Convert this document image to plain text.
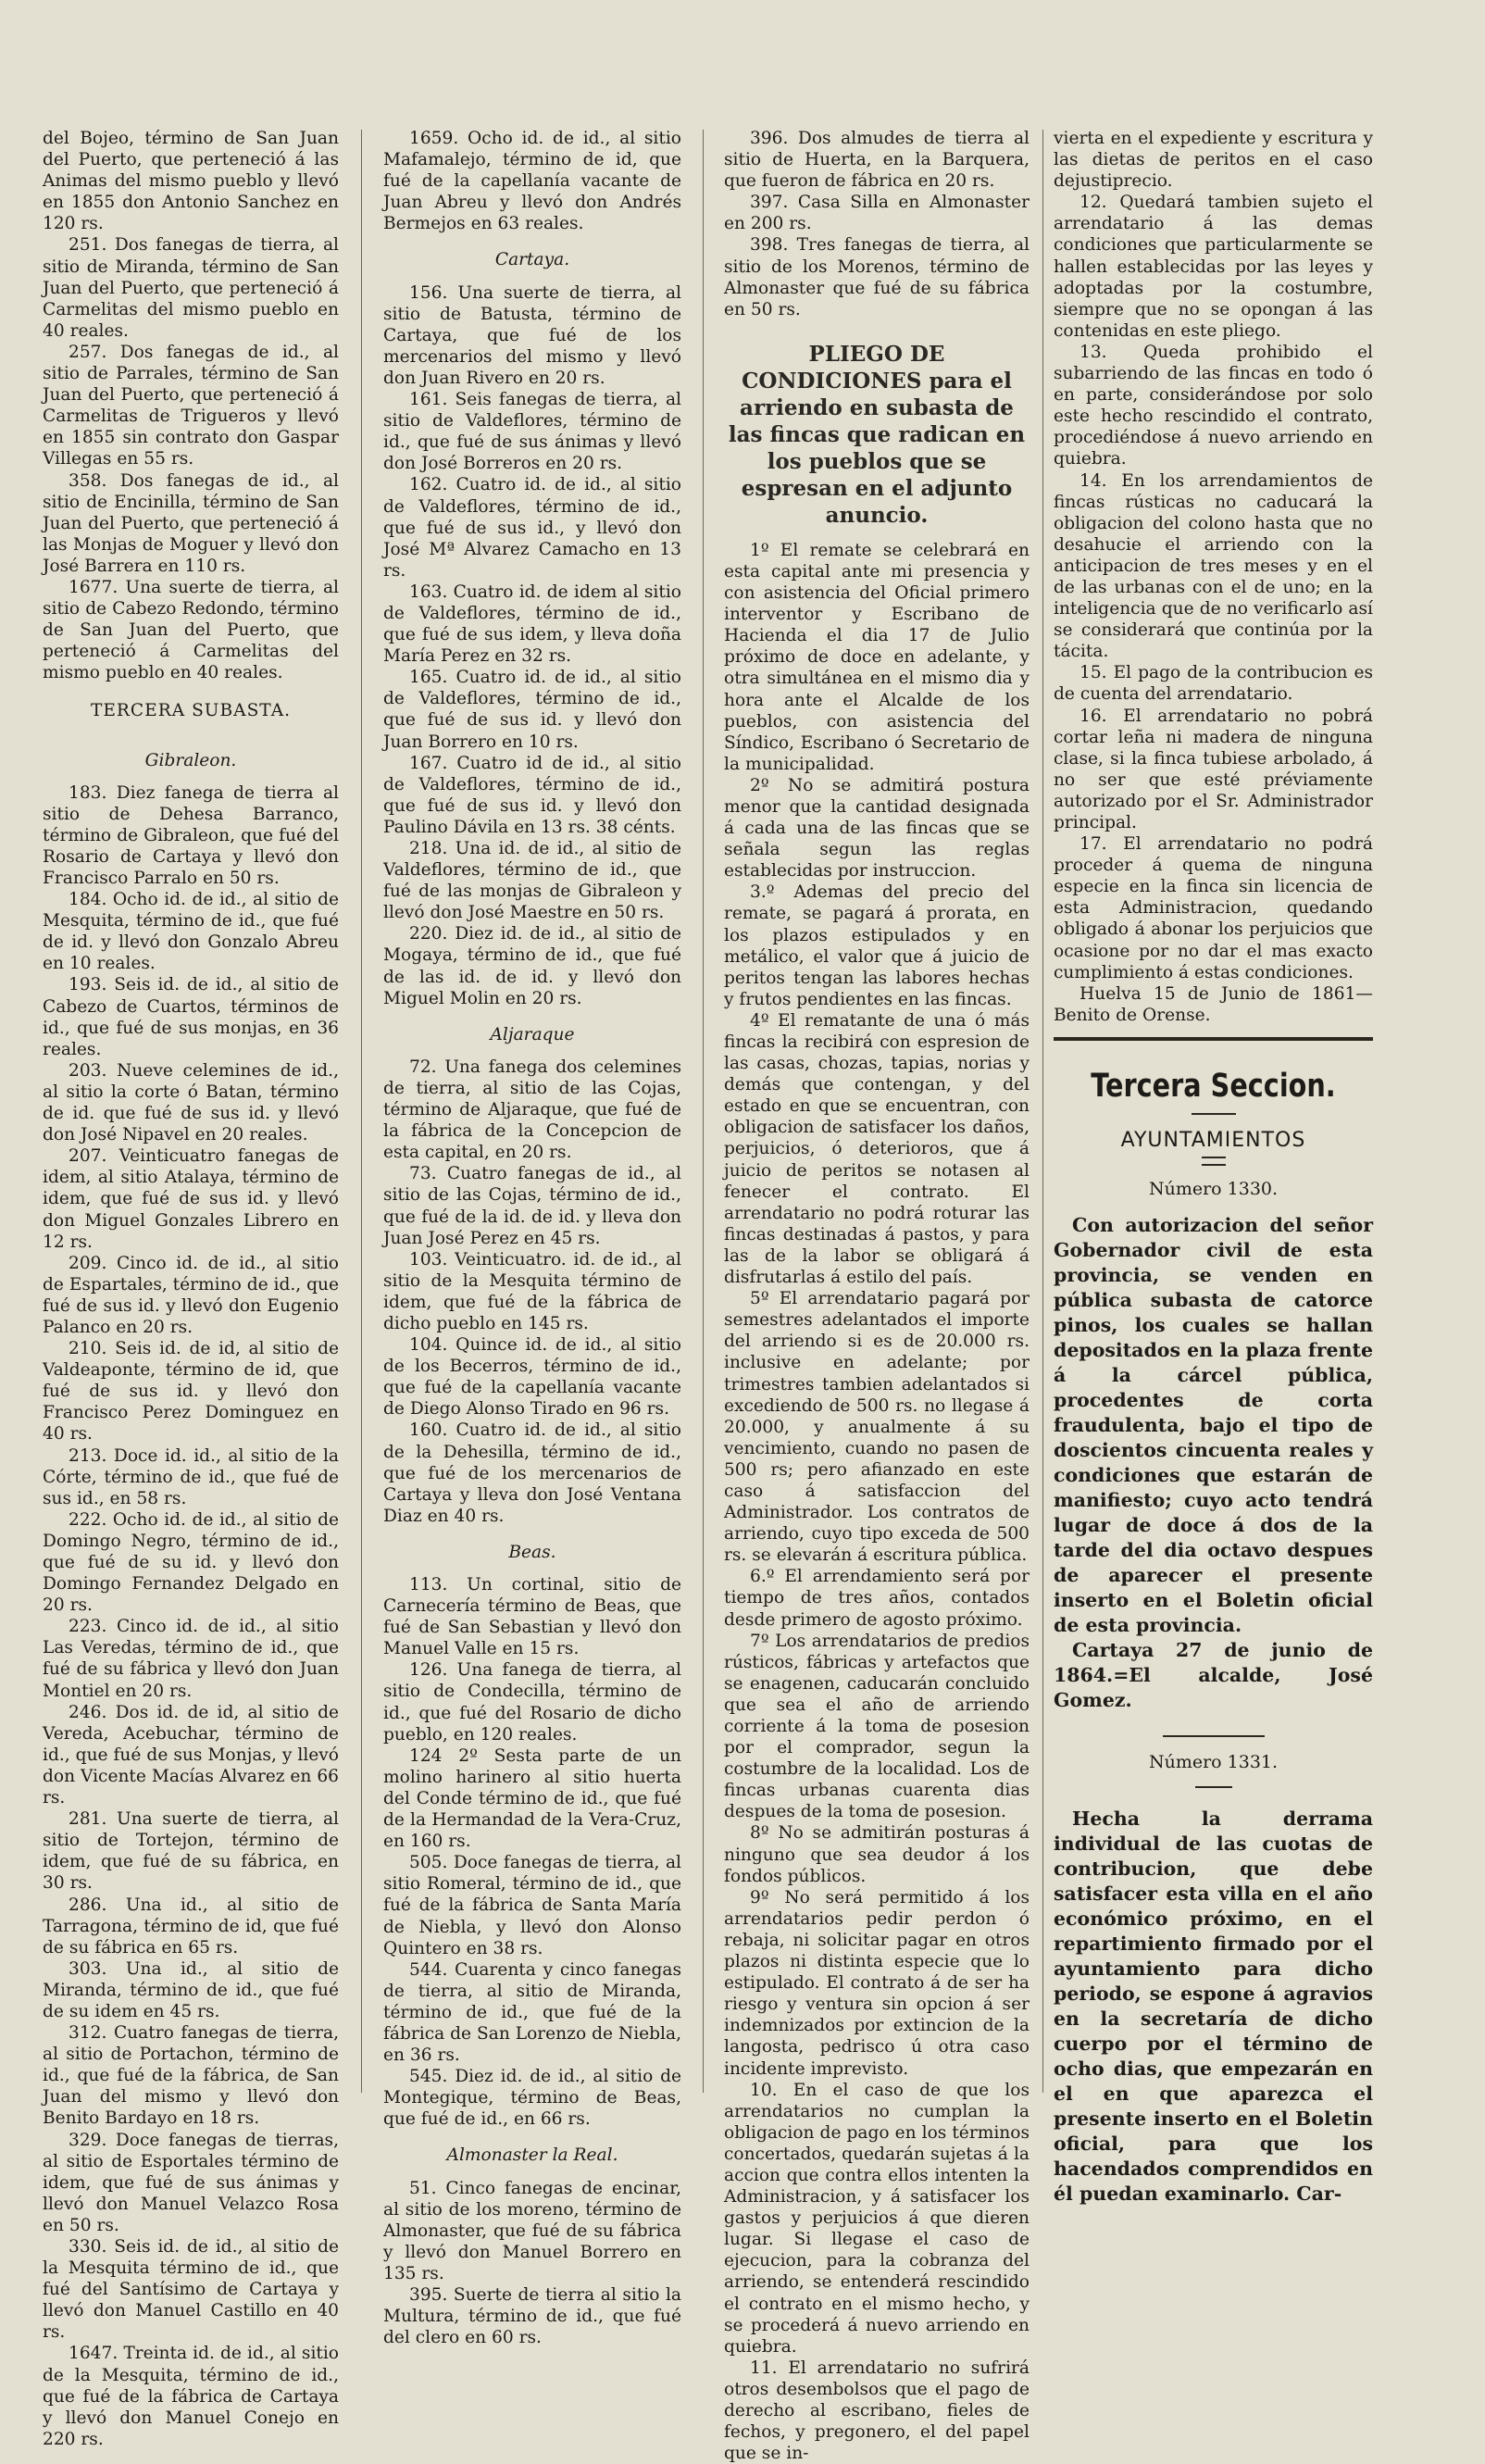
del Bojeo, término de San Juan del Puerto, que perteneció á las Animas del mismo pueblo y llevó en 1855 don Antonio Sanchez en 120 rs.

251. Dos fanegas de tierra, al sitio de Miranda, término de San Juan del Puerto, que perteneció á Carmelitas del mismo pueblo en 40 reales.

257. Dos fanegas de id., al sitio de Parrales, término de San Juan del Puerto, que perteneció á Carmelitas de Trigueros y llevó en 1855 sin contrato don Gaspar Villegas en 55 rs.

358. Dos fanegas de id., al sitio de Encinilla, término de San Juan del Puerto, que perteneció á las Monjas de Moguer y llevó don José Barrera en 110 rs.

1677. Una suerte de tierra, al sitio de Cabezo Redondo, término de San Juan del Puerto, que perteneció á Carmelitas del mismo pueblo en 40 reales.

TERCERA SUBASTA.
Gibraleon.

183. Diez fanega de tierra al sitio de Dehesa Barranco, término de Gibraleon, que fué del Rosario de Cartaya y llevó don Francisco Parralo en 50 rs.

184. Ocho id. de id., al sitio de Mesquita, término de id., que fué de id. y llevó don Gonzalo Abreu en 10 reales.

193. Seis id. de id., al sitio de Cabezo de Cuartos, términos de id., que fué de sus monjas, en 36 reales.

203. Nueve celemines de id., al sitio la corte ó Batan, término de id. que fué de sus id. y llevó don José Nipavel en 20 reales.

207. Veinticuatro fanegas de idem, al sitio Atalaya, término de idem, que fué de sus id. y llevó don Miguel Gonzales Librero en 12 rs.

209. Cinco id. de id., al sitio de Espartales, término de id., que fué de sus id. y llevó don Eugenio Palanco en 20 rs.

210. Seis id. de id, al sitio de Valdeaponte, término de id, que fué de sus id. y llevó don Francisco Perez Dominguez en 40 rs.

213. Doce id. id., al sitio de la Córte, término de id., que fué de sus id., en 58 rs.

222. Ocho id. de id., al sitio de Domingo Negro, término de id., que fué de su id. y llevó don Domingo Fernandez Delgado en 20 rs.

223. Cinco id. de id., al sitio Las Veredas, término de id., que fué de su fábrica y llevó don Juan Montiel en 20 rs.

246. Dos id. de id, al sitio de Vereda, Acebuchar, término de id., que fué de sus Monjas, y llevó don Vicente Macías Alvarez en 66 rs.

281. Una suerte de tierra, al sitio de Tortejon, término de idem, que fué de su fábrica, en 30 rs.

286. Una id., al sitio de Tarragona, término de id, que fué de su fábrica en 65 rs.

303. Una id., al sitio de Miranda, término de id., que fué de su idem en 45 rs.

312. Cuatro fanegas de tierra, al sitio de Portachon, término de id., que fué de la fábrica, de San Juan del mismo y llevó don Benito Bardayo en 18 rs.

329. Doce fanegas de tierras, al sitio de Esportales término de idem, que fué de sus ánimas y llevó don Manuel Velazco Rosa en 50 rs.

330. Seis id. de id., al sitio de la Mesquita término de id., que fué del Santísimo de Cartaya y llevó don Manuel Castillo en 40 rs.

1647. Treinta id. de id., al sitio de la Mesquita, término de id., que fué de la fábrica de Cartaya y llevó don Manuel Conejo en 220 rs.

1659. Ocho id. de id., al sitio Mafamalejo, término de id, que fué de la capellanía vacante de Juan Abreu y llevó don Andrés Bermejos en 63 reales.

Cartaya.

156. Una suerte de tierra, al sitio de Batusta, término de Cartaya, que fué de los mercenarios del mismo y llevó don Juan Rivero en 20 rs.

161. Seis fanegas de tierra, al sitio de Valdeflores, término de id., que fué de sus ánimas y llevó don José Borreros en 20 rs.

162. Cuatro id. de id., al sitio de Valdeflores, término de id., que fué de sus id., y llevó don José Mª Alvarez Camacho en 13 rs.

163. Cuatro id. de idem al sitio de Valdeflores, término de id., que fué de sus idem, y lleva doña María Perez en 32 rs.

165. Cuatro id. de id., al sitio de Valdeflores, término de id., que fué de sus id. y llevó don Juan Borrero en 10 rs.

167. Cuatro id de id., al sitio de Valdeflores, término de id., que fué de sus id. y llevó don Paulino Dávila en 13 rs. 38 cénts.

218. Una id. de id., al sitio de Valdeflores, término de id., que fué de las monjas de Gibraleon y llevó don José Maestre en 50 rs.

220. Diez id. de id., al sitio de Mogaya, término de id., que fué de las id. de id. y llevó don Miguel Molin en 20 rs.

Aljaraque

72. Una fanega dos celemines de tierra, al sitio de las Cojas, término de Aljaraque, que fué de la fábrica de la Concepcion de esta capital, en 20 rs.

73. Cuatro fanegas de id., al sitio de las Cojas, término de id., que fué de la id. de id. y lleva don Juan José Perez en 45 rs.

103. Veinticuatro. id. de id., al sitio de la Mesquita término de idem, que fué de la fábrica de dicho pueblo en 145 rs.

104. Quince id. de id., al sitio de los Becerros, término de id., que fué de la capellanía vacante de Diego Alonso Tirado en 96 rs.

160. Cuatro id. de id., al sitio de la Dehesilla, término de id., que fué de los mercenarios de Cartaya y lleva don José Ventana Diaz en 40 rs.

Beas.

113. Un cortinal, sitio de Carnecería término de Beas, que fué de San Sebastian y llevó don Manuel Valle en 15 rs.

126. Una fanega de tierra, al sitio de Condecilla, término de id., que fué del Rosario de dicho pueblo, en 120 reales.

124 2º Sesta parte de un molino harinero al sitio huerta del Conde término de id., que fué de la Hermandad de la Vera-Cruz, en 160 rs.

505. Doce fanegas de tierra, al sitio Romeral, término de id., que fué de la fábrica de Santa María de Niebla, y llevó don Alonso Quintero en 38 rs.

544. Cuarenta y cinco fanegas de tierra, al sitio de Miranda, término de id., que fué de la fábrica de San Lorenzo de Niebla, en 36 rs.

545. Diez id. de id., al sitio de Montegique, término de Beas, que fué de id., en 66 rs.

Almonaster la Real.

51. Cinco fanegas de encinar, al sitio de los moreno, término de Almonaster, que fué de su fábrica y llevó don Manuel Borrero en 135 rs.

395. Suerte de tierra al sitio la Multura, término de id., que fué del clero en 60 rs.

396. Dos almudes de tierra al sitio de Huerta, en la Barquera, que fueron de fábrica en 20 rs.

397. Casa Silla en Almonaster en 200 rs.

398. Tres fanegas de tierra, al sitio de los Morenos, término de Almonaster que fué de su fábrica en 50 rs.

PLIEGO DE CONDICIONES para el arriendo en subasta de las fincas que radican en los pueblos que se espresan en el adjunto anuncio.

1º El remate se celebrará en esta capital ante mi presencia y con asistencia del Oficial primero interventor y Escribano de Hacienda el dia 17 de Julio próximo de doce en adelante, y otra simultánea en el mismo dia y hora ante el Alcalde de los pueblos, con asistencia del Síndico, Escribano ó Secretario de la municipalidad.

2º No se admitirá postura menor que la cantidad designada á cada una de las fincas que se señala segun las reglas establecidas por instruccion.

3.º Ademas del precio del remate, se pagará á prorata, en los plazos estipulados y en metálico, el valor que á juicio de peritos tengan las labores hechas y frutos pendientes en las fincas.

4º El rematante de una ó más fincas la recibirá con espresion de las casas, chozas, tapias, norias y demás que contengan, y del estado en que se encuentran, con obligacion de satisfacer los daños, perjuicios, ó deterioros, que á juicio de peritos se notasen al fenecer el contrato. El arrendatario no podrá roturar las fincas destinadas á pastos, y para las de la labor se obligará á disfrutarlas á estilo del país.

5º El arrendatario pagará por semestres adelantados el importe del arriendo si es de 20.000 rs. inclusive en adelante; por trimestres tambien adelantados si excediendo de 500 rs. no llegase á 20.000, y anualmente á su vencimiento, cuando no pasen de 500 rs; pero afianzado en este caso á satisfaccion del Administrador. Los contratos de arriendo, cuyo tipo exceda de 500 rs. se elevarán á escritura pública.

6.º El arrendamiento será por tiempo de tres años, contados desde primero de agosto próximo.

7º Los arrendatarios de predios rústicos, fábricas y artefactos que se enagenen, caducarán concluido que sea el año de arriendo corriente á la toma de posesion por el comprador, segun la costumbre de la localidad. Los de fincas urbanas cuarenta dias despues de la toma de posesion.

8º No se admitirán posturas á ninguno que sea deudor á los fondos públicos.

9º No será permitido á los arrendatarios pedir perdon ó rebaja, ni solicitar pagar en otros plazos ni distinta especie que lo estipulado. El contrato á de ser ha riesgo y ventura sin opcion á ser indemnizados por extincion de la langosta, pedrisco ú otra caso incidente imprevisto.

10. En el caso de que los arrendatarios no cumplan la obligacion de pago en los términos concertados, quedarán sujetas á la accion que contra ellos intenten la Administracion, y á satisfacer los gastos y perjuicios á que dieren lugar. Si llegase el caso de ejecucion, para la cobranza del arriendo, se entenderá rescindido el contrato en el mismo hecho, y se procederá á nuevo arriendo en quiebra.

11. El arrendatario no sufrirá otros desembolsos que el pago de derecho al escribano, fieles de fechos, y pregonero, el del papel que se in-

vierta en el expediente y escritura y las dietas de peritos en el caso dejustiprecio.

12. Quedará tambien sujeto el arrendatario á las demas condiciones que particularmente se hallen establecidas por las leyes y adoptadas por la costumbre, siempre que no se opongan á las contenidas en este pliego.

13. Queda prohibido el subarriendo de las fincas en todo ó en parte, considerándose por solo este hecho rescindido el contrato, procediéndose á nuevo arriendo en quiebra.

14. En los arrendamientos de fincas rústicas no caducará la obligacion del colono hasta que no desahucie el arriendo con la anticipacion de tres meses y en el de las urbanas con el de uno; en la inteligencia que de no verificarlo así se considerará que continúa por la tácita.

15. El pago de la contribucion es de cuenta del arrendatario.

16. El arrendatario no pobrá cortar leña ni madera de ninguna clase, si la finca tubiese arbolado, á no ser que esté préviamente autorizado por el Sr. Administrador principal.

17. El arrendatario no podrá proceder á quema de ninguna especie en la finca sin licencia de esta Administracion, quedando obligado á abonar los perjuicios que ocasione por no dar el mas exacto cumplimiento á estas condiciones.

Huelva 15 de Junio de 1861—Benito de Orense.

Tercera Seccion.
AYUNTAMIENTOS
Número 1330.

Con autorizacion del señor Gobernador civil de esta provincia, se venden en pública subasta de catorce pinos, los cuales se hallan depositados en la plaza frente á la cárcel pública, procedentes de corta fraudulenta, bajo el tipo de doscientos cincuenta reales y condiciones que estarán de manifiesto; cuyo acto tendrá lugar de doce á dos de la tarde del dia octavo despues de aparecer el presente inserto en el Boletin oficial de esta provincia.

Cartaya 27 de junio de 1864.=El alcalde, José Gomez.

Número 1331.

Hecha la derrama individual de las cuotas de contribucion, que debe satisfacer esta villa en el año económico próximo, en el repartimiento firmado por el ayuntamiento para dicho periodo, se espone á agravios en la secretaría de dicho cuerpo por el término de ocho dias, que empezarán en el en que aparezca el presente inserto en el Boletin oficial, para que los hacendados comprendidos en él puedan examinarlo. Car-
